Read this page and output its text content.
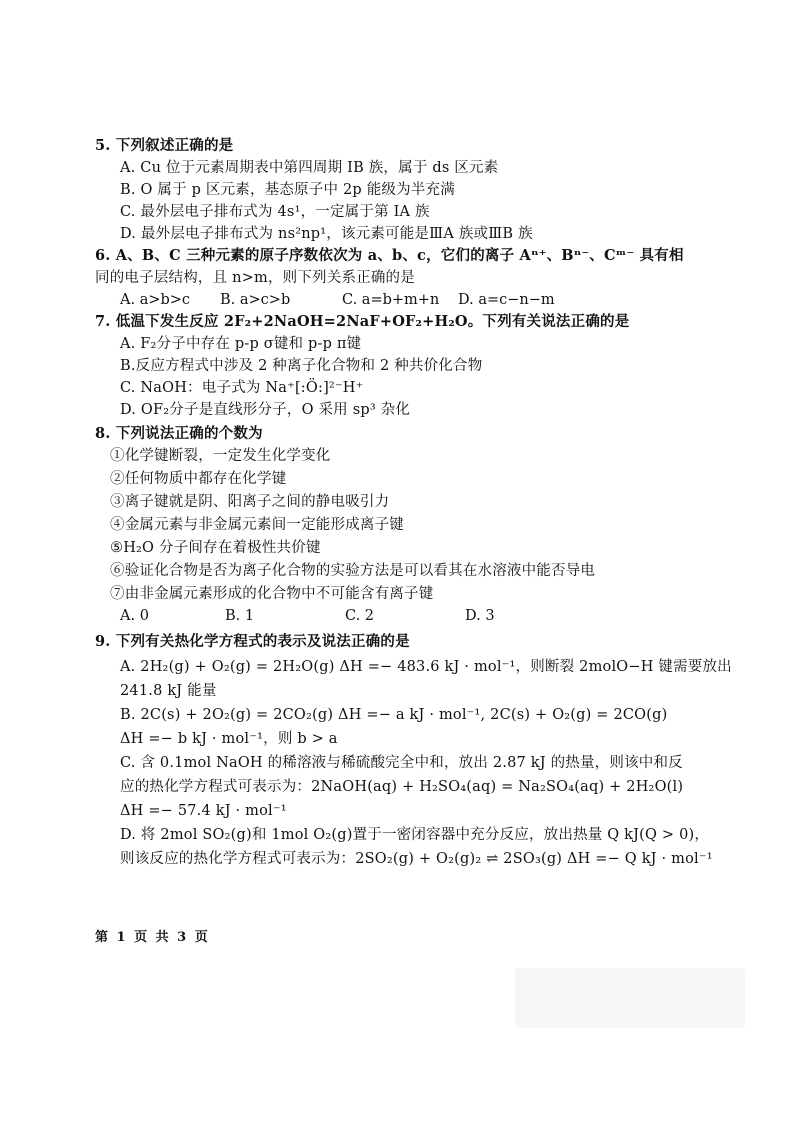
5. 下列叙述正确的是
A. Cu 位于元素周期表中第四周期 IB 族，属于 ds 区元素
B. O 属于 p 区元素，基态原子中 2p 能级为半充满
C. 最外层电子排布式为 4s¹，一定属于第 IA 族
D. 最外层电子排布式为 ns²np¹，该元素可能是ⅢA 族或ⅢB 族
6. A、B、C 三种元素的原子序数依次为 a、b、c，它们的离子 Aⁿ⁺、Bⁿ⁻、Cᵐ⁻ 具有相
同的电子层结构，且 n>m，则下列关系正确的是
A. a>b>c B. a>c>b	C. a=b+m+n D. a=c−n−m
7. 低温下发生反应 2F₂+2NaOH=2NaF+OF₂+H₂O。下列有关说法正确的是
A. F₂分子中存在 p-p σ键和 p-p π键
B.反应方程式中涉及 2 种离子化合物和 2 种共价化合物
C. NaOH：电子式为 Na⁺[:Ö:]²⁻H⁺
D. OF₂分子是直线形分子，O 采用 sp³ 杂化
8. 下列说法正确的个数为
①化学键断裂，一定发生化学变化
②任何物质中都存在化学键
③离子键就是阴、阳离子之间的静电吸引力
④金属元素与非金属元素间一定能形成离子键
⑤H₂O 分子间存在着极性共价键
⑥验证化合物是否为离子化合物的实验方法是可以看其在水溶液中能否导电
⑦由非金属元素形成的化合物中不可能含有离子键
A. 0	B. 1	C. 2	D. 3
9. 下列有关热化学方程式的表示及说法正确的是
A. 2H₂(g) + O₂(g) = 2H₂O(g) ΔH =− 483.6 kJ · mol⁻¹，则断裂 2molO−H 键需要放出
241.8 kJ 能量
B. 2C(s) + 2O₂(g) = 2CO₂(g) ΔH =− a kJ · mol⁻¹, 2C(s) + O₂(g) = 2CO(g)
ΔH =− b kJ · mol⁻¹，则 b > a
C. 含 0.1mol NaOH 的稀溶液与稀硫酸完全中和，放出 2.87 kJ 的热量，则该中和反
应的热化学方程式可表示为：2NaOH(aq) + H₂SO₄(aq) = Na₂SO₄(aq) + 2H₂O(l)
ΔH =− 57.4 kJ · mol⁻¹
D. 将 2mol SO₂(g)和 1mol O₂(g)置于一密闭容器中充分反应，放出热量 Q kJ(Q > 0)，
则该反应的热化学方程式可表示为：2SO₂(g) + O₂(g)₂ ⇌ 2SO₃(g) ΔH =− Q kJ · mol⁻¹
第 1 页 共 3 页
